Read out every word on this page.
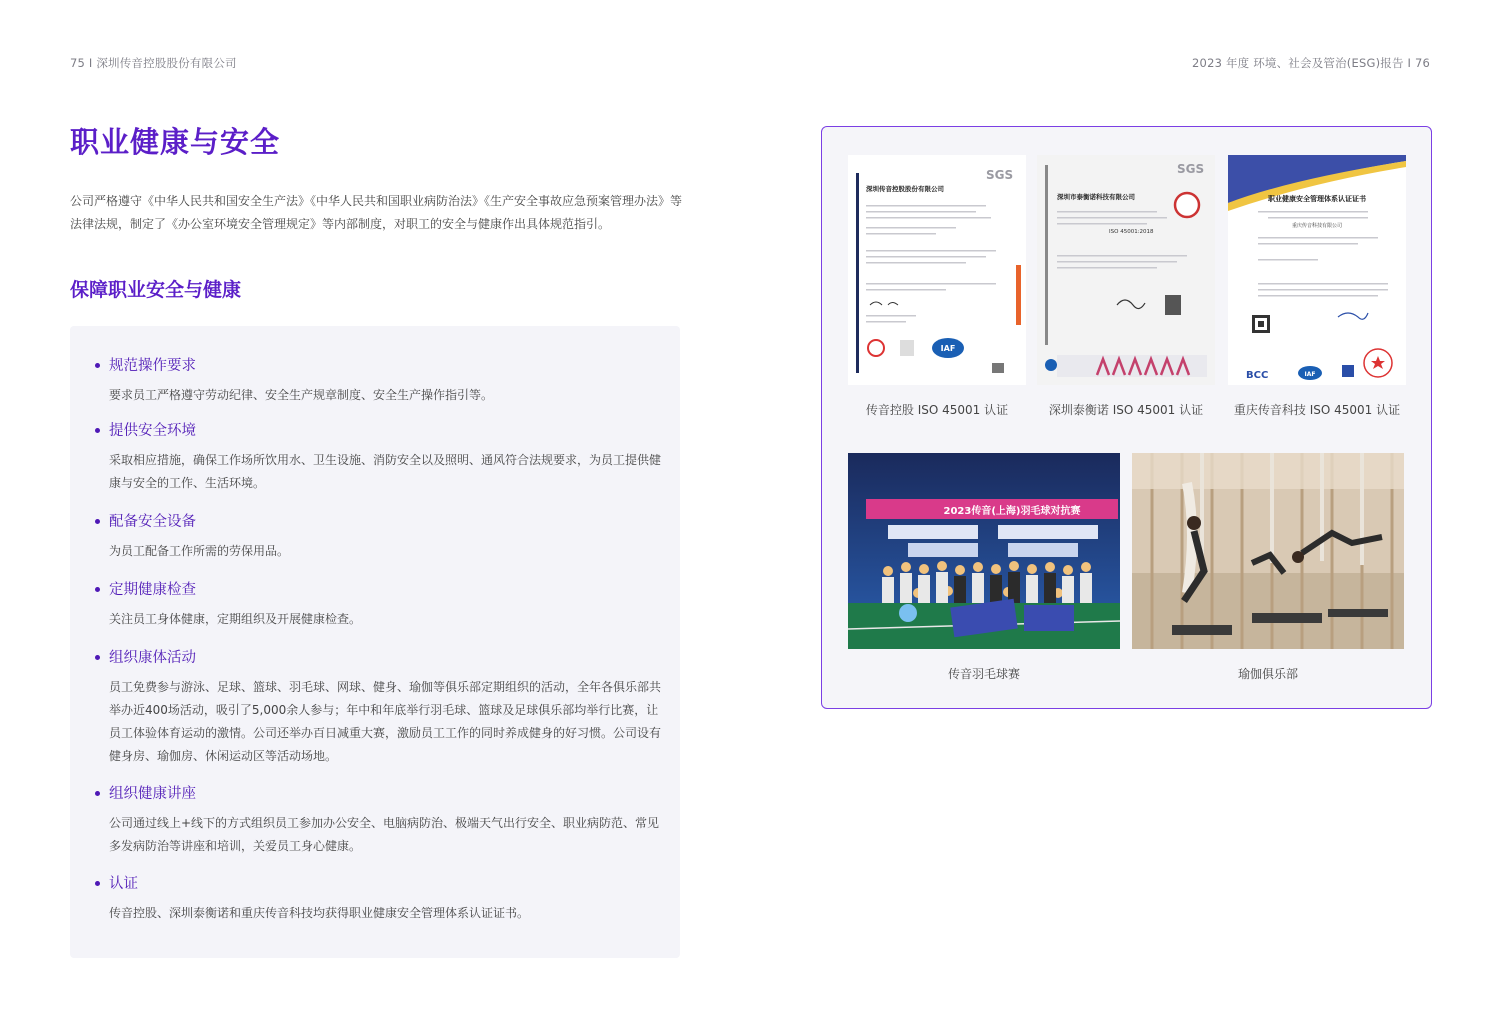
75 I 深圳传音控股股份有限公司	2023 年度 环境、社会及管治(ESG)报告 I 76
职业健康与安全

公司严格遵守《中华人民共和国安全生产法》《中华人民共和国职业病防治法》《生产安全事故应急预案管理办法》等法律法规，制定了《办公室环境安全管理规定》等内部制度，对职工的安全与健康作出具体规范指引。

保障职业安全与健康
规范操作要求
要求员工严格遵守劳动纪律、安全生产规章制度、安全生产操作指引等。
提供安全环境
采取相应措施，确保工作场所饮用水、卫生设施、消防安全以及照明、通风符合法规要求，为员工提供健康与安全的工作、生活环境。
配备安全设备
为员工配备工作所需的劳保用品。
定期健康检查
关注员工身体健康，定期组织及开展健康检查。
组织康体活动
员工免费参与游泳、足球、篮球、羽毛球、网球、健身、瑜伽等俱乐部定期组织的活动，全年各俱乐部共举办近400场活动，吸引了5,000余人参与；年中和年底举行羽毛球、篮球及足球俱乐部均举行比赛，让员工体验体育运动的激情。公司还举办百日减重大赛，激励员工工作的同时养成健身的好习惯。公司设有健身房、瑜伽房、休闲运动区等活动场地。
组织健康讲座
公司通过线上+线下的方式组织员工参加办公安全、电脑病防治、极端天气出行安全、职业病防范、常见多发病防治等讲座和培训，关爱员工身心健康。
认证
传音控股、深圳泰衡诺和重庆传音科技均获得职业健康安全管理体系认证证书。
SGS
深圳传音控股股份有限公司
IAF
SGS
深圳市泰衡诺科技有限公司
ISO 45001:2018
职业健康安全管理体系认证证书
重庆传音科技有限公司
BCC	IAF
传音控股 ISO 45001 认证	深圳泰衡诺 ISO 45001 认证	重庆传音科技 ISO 45001 认证
2023传音(上海)羽毛球对抗赛
传音羽毛球赛	瑜伽俱乐部
